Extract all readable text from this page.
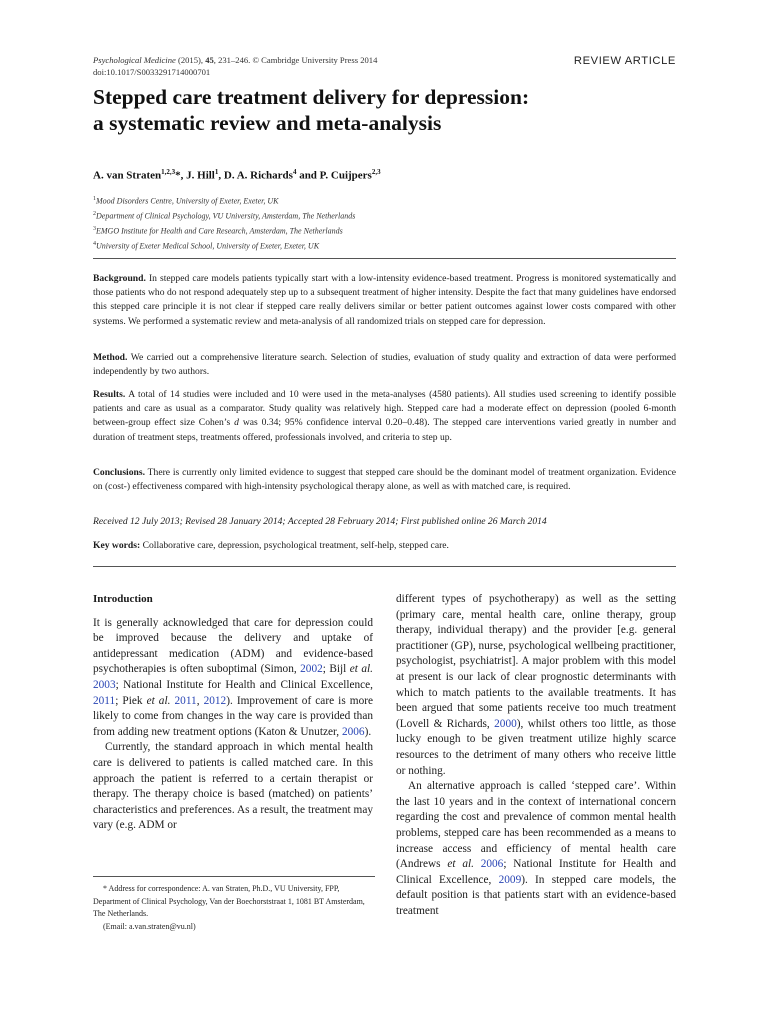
Psychological Medicine (2015), 45, 231–246. © Cambridge University Press 2014
doi:10.1017/S0033291714000701
REVIEW ARTICLE
Stepped care treatment delivery for depression:
a systematic review and meta-analysis
A. van Straten$^{1,2,3}$*, J. Hill$^1$, D. A. Richards$^4$ and P. Cuijpers$^{2,3}$
$^1$Mood Disorders Centre, University of Exeter, Exeter, UK
$^2$Department of Clinical Psychology, VU University, Amsterdam, The Netherlands
$^3$EMGO Institute for Health and Care Research, Amsterdam, The Netherlands
$^4$University of Exeter Medical School, University of Exeter, Exeter, UK

Background. In stepped care models patients typically start with a low-intensity evidence-based treatment. Progress is monitored systematically and those patients who do not respond adequately step up to a subsequent treatment of higher intensity. Despite the fact that many guidelines have endorsed this stepped care principle it is not clear if stepped care really delivers similar or better patient outcomes against lower costs compared with other systems. We performed a systematic review and meta-analysis of all randomized trials on stepped care for depression.

Method. We carried out a comprehensive literature search. Selection of studies, evaluation of study quality and extraction of data were performed independently by two authors.

Results. A total of 14 studies were included and 10 were used in the meta-analyses (4580 patients). All studies used screening to identify possible patients and care as usual as a comparator. Study quality was relatively high. Stepped care had a moderate effect on depression (pooled 6-month between-group effect size Cohen’s d was 0.34; 95% confidence interval 0.20–0.48). The stepped care interventions varied greatly in number and duration of treatment steps, treatments offered, professionals involved, and criteria to step up.

Conclusions. There is currently only limited evidence to suggest that stepped care should be the dominant model of treatment organization. Evidence on (cost-) effectiveness compared with high-intensity psychological therapy alone, as well as with matched care, is required.

Received 12 July 2013; Revised 28 January 2014; Accepted 28 February 2014; First published online 26 March 2014

Key words: Collaborative care, depression, psychological treatment, self-help, stepped care.

Introduction

It is generally acknowledged that care for depression could be improved because the delivery and uptake of antidepressant medication (ADM) and evidence-based psychotherapies is often suboptimal (Simon, 2002; Bijl et al. 2003; National Institute for Health and Clinical Excellence, 2011; Piek et al. 2011, 2012). Improvement of care is more likely to come from changes in the way care is provided than from adding new treatment options (Katon & Unutzer, 2006).

Currently, the standard approach in which mental health care is delivered to patients is called matched care. In this approach the patient is referred to a certain therapist or therapy. The therapy choice is based (matched) on patients’ characteristics and preferences. As a result, the treatment may vary (e.g. ADM or

* Address for correspondence: A. van Straten, Ph.D., VU University, FPP, Department of Clinical Psychology, Van der Boechorststraat 1, 1081 BT Amsterdam, The Netherlands.
(Email: a.van.straten@vu.nl)

different types of psychotherapy) as well as the setting (primary care, mental health care, online therapy, group therapy, individual therapy) and the provider [e.g. general practitioner (GP), nurse, psychological wellbeing practitioner, psychologist, psychiatrist]. A major problem with this model at present is our lack of clear prognostic determinants with which to match patients to the available treatments. It has been argued that some patients receive too much treatment (Lovell & Richards, 2000), whilst others too little, as those lucky enough to be given treatment utilize highly scarce resources to the detriment of many others who receive little or nothing.

An alternative approach is called ‘stepped care’. Within the last 10 years and in the context of international concern regarding the cost and prevalence of common mental health problems, stepped care has been recommended as a means to increase access and efficiency of mental health care (Andrews et al. 2006; National Institute for Health and Clinical Excellence, 2009). In stepped care models, the default position is that patients start with an evidence-based treatment
